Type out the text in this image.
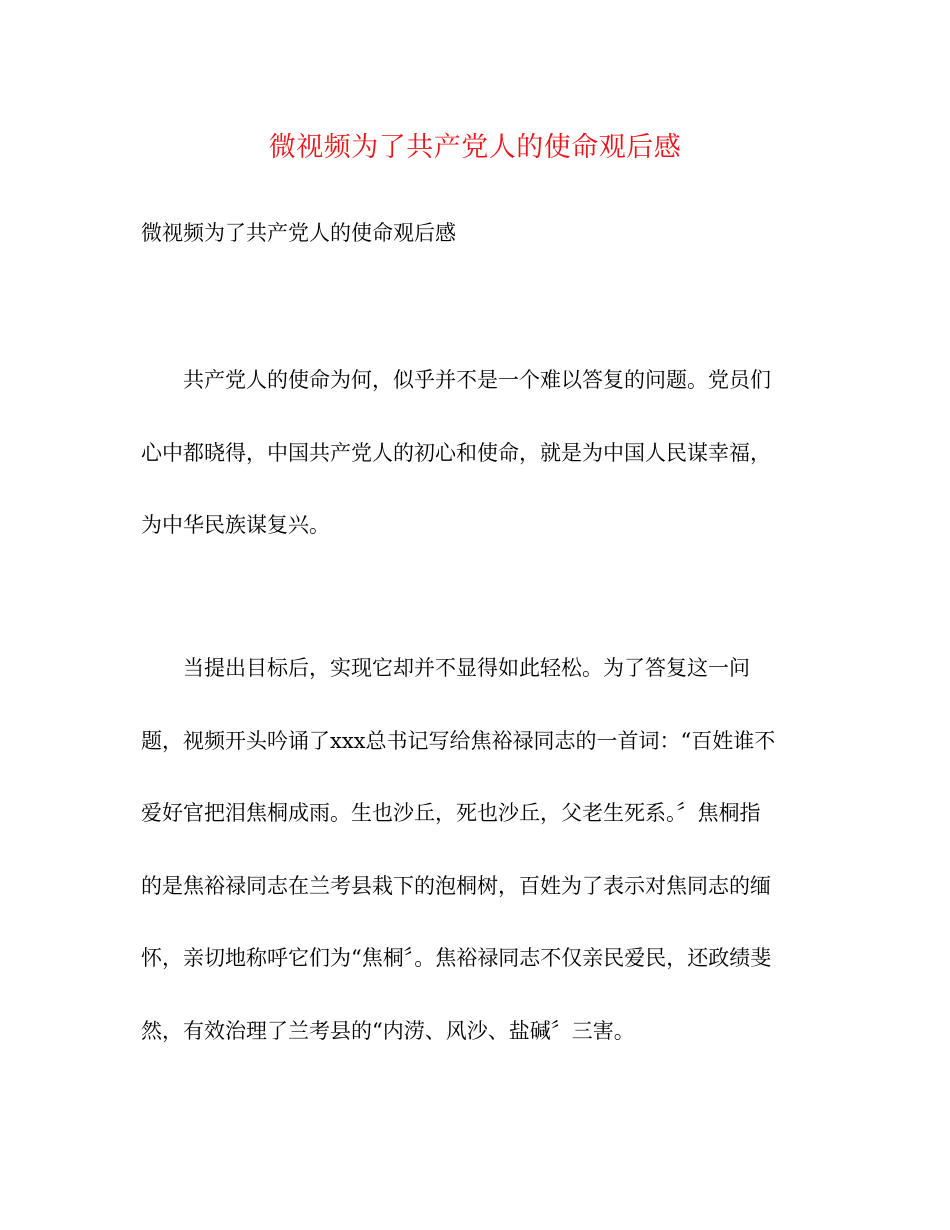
微视频为了共产党人的使命观后感
微视频为了共产党人的使命观后感
共产党人的使命为何，似乎并不是一个难以答复的问题。党员们
心中都晓得，中国共产党人的初心和使命，就是为中国人民谋幸福，
为中华民族谋复兴。
当提出目标后，实现它却并不显得如此轻松。为了答复这一问
题，视频开头吟诵了xxx总书记写给焦裕禄同志的一首词：“百姓谁不
爱好官把泪焦桐成雨。生也沙丘，死也沙丘，父老生死系。〞焦桐指
的是焦裕禄同志在兰考县栽下的泡桐树，百姓为了表示对焦同志的缅
怀，亲切地称呼它们为“焦桐〞。焦裕禄同志不仅亲民爱民，还政绩斐
然，有效治理了兰考县的“内涝、风沙、盐碱〞三害。
